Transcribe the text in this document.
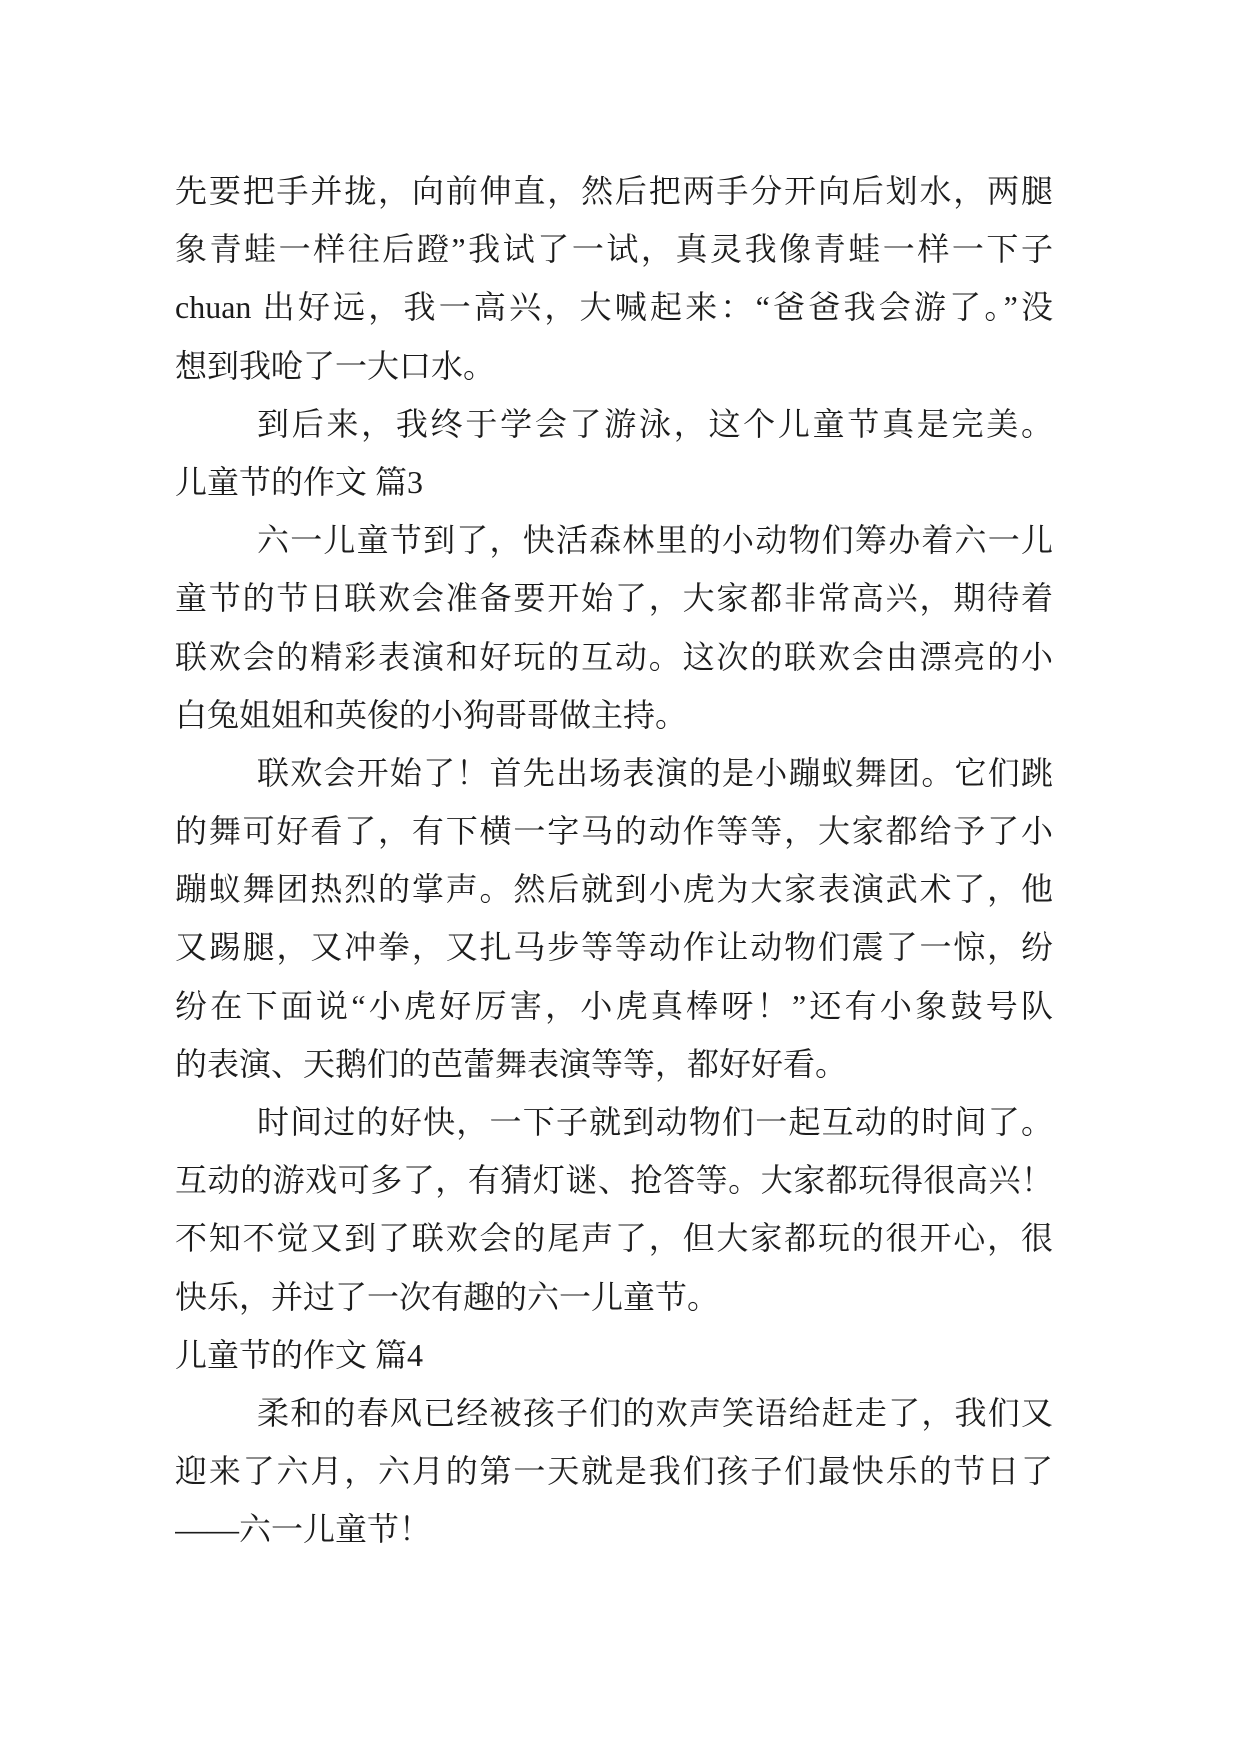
先要把手并拢，向前伸直，然后把两手分开向后划水，两腿
象青蛙一样往后蹬”我试了一试，真灵我像青蛙一样一下子
chuan 出好远，我一高兴，大喊起来：“爸爸我会游了。”没
想到我呛了一大口水。
到后来，我终于学会了游泳，这个儿童节真是完美。
儿童节的作文 篇3
六一儿童节到了，快活森林里的小动物们筹办着六一儿
童节的节日联欢会准备要开始了，大家都非常高兴，期待着
联欢会的精彩表演和好玩的互动。这次的联欢会由漂亮的小
白兔姐姐和英俊的小狗哥哥做主持。
联欢会开始了！首先出场表演的是小蹦蚁舞团。它们跳
的舞可好看了，有下横一字马的动作等等，大家都给予了小
蹦蚁舞团热烈的掌声。然后就到小虎为大家表演武术了，他
又踢腿，又冲拳，又扎马步等等动作让动物们震了一惊，纷
纷在下面说“小虎好厉害，小虎真棒呀！”还有小象鼓号队
的表演、天鹅们的芭蕾舞表演等等，都好好看。
时间过的好快，一下子就到动物们一起互动的时间了。
互动的游戏可多了，有猜灯谜、抢答等。大家都玩得很高兴！
不知不觉又到了联欢会的尾声了，但大家都玩的很开心，很
快乐，并过了一次有趣的六一儿童节。
儿童节的作文 篇4
柔和的春风已经被孩子们的欢声笑语给赶走了，我们又
迎来了六月，六月的第一天就是我们孩子们最快乐的节日了
——六一儿童节！
